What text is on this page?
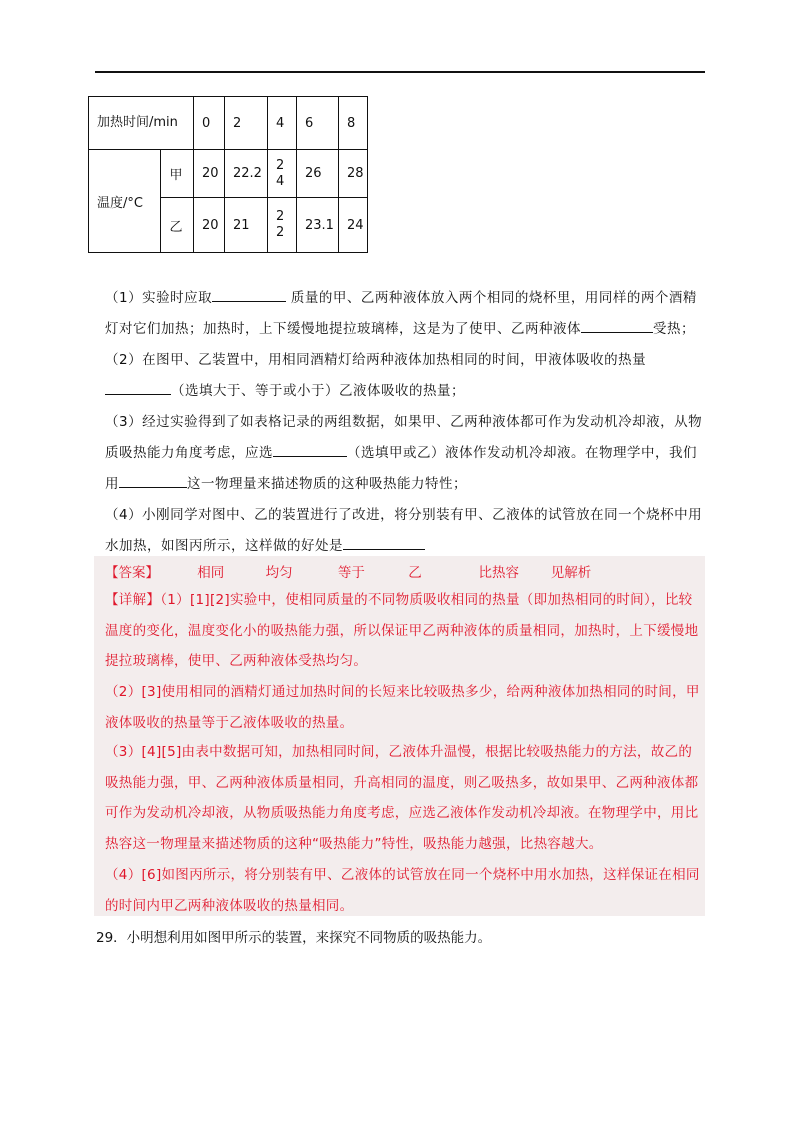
加热时间/min		0	2	4	6	8
温度/°C	甲	20	22.2	24	26	28
	乙	20	21	22	23.1	24
（1）实验时应取	质量的甲、乙两种液体放入两个相同的烧杯里，用同样的两个酒精
灯对它们加热；加热时，上下缓慢地提拉玻璃棒，这是为了使甲、乙两种液体	受热；
（2）在图甲、乙装置中，用相同酒精灯给两种液体加热相同的时间，甲液体吸收的热量
（选填大于、等于或小于）乙液体吸收的热量；
（3）经过实验得到了如表格记录的两组数据，如果甲、乙两种液体都可作为发动机冷却液，从物
质吸热能力角度考虑，应选	（选填甲或乙）液体作发动机冷却液。在物理学中，我们
用	这一物理量来描述物质的这种吸热能力特性；
（4）小刚同学对图中、乙的装置进行了改进，将分别装有甲、乙液体的试管放在同一个烧杯中用
水加热，如图丙所示，这样做的好处是
【答案】	相同	均匀	等于	乙	比热容 见解析
【详解】（1）[1][2]实验中，使相同质量的不同物质吸收相同的热量（即加热相同的时间），比较温度的变化，温度变化小的吸热能力强，所以保证甲乙两种液体的质量相同，加热时，上下缓慢地提拉玻璃棒，使甲、乙两种液体受热均匀。
（2）[3]使用相同的酒精灯通过加热时间的长短来比较吸热多少，给两种液体加热相同的时间，甲液体吸收的热量等于乙液体吸收的热量。
（3）[4][5]由表中数据可知，加热相同时间，乙液体升温慢，根据比较吸热能力的方法，故乙的吸热能力强，甲、乙两种液体质量相同，升高相同的温度，则乙吸热多，故如果甲、乙两种液体都可作为发动机冷却液，从物质吸热能力角度考虑，应选乙液体作发动机冷却液。在物理学中，用比热容这一物理量来描述物质的这种“吸热能力”特性，吸热能力越强，比热容越大。
（4）[6]如图丙所示，将分别装有甲、乙液体的试管放在同一个烧杯中用水加热，这样保证在相同的时间内甲乙两种液体吸收的热量相同。
29．小明想利用如图甲所示的装置，来探究不同物质的吸热能力。
